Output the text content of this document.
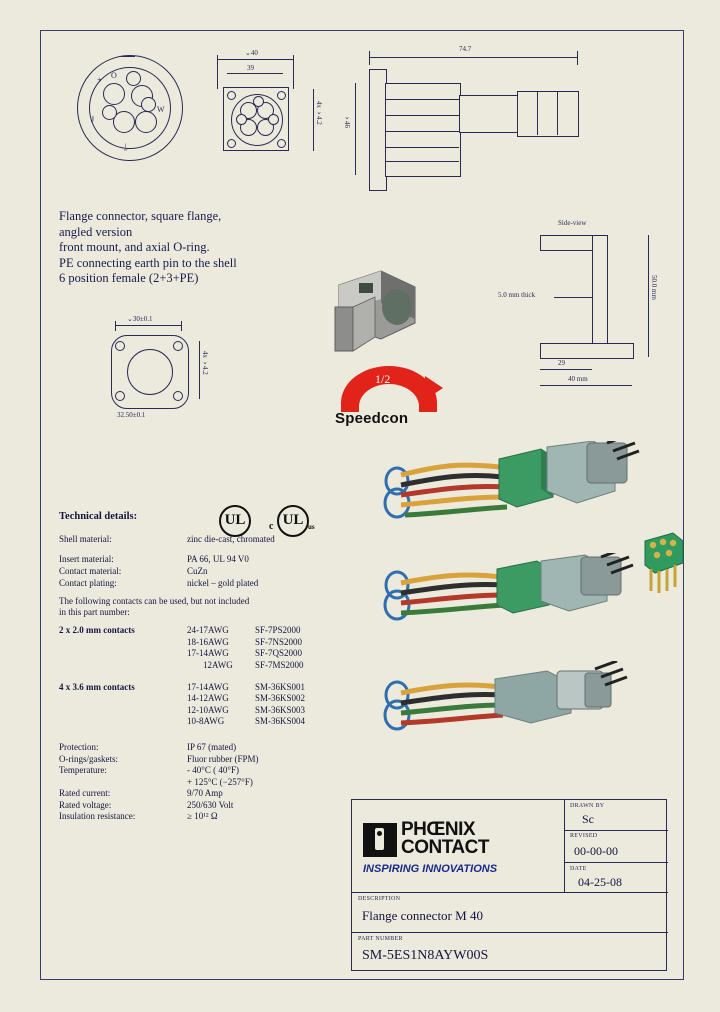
+ O
J
W
⏚
⌄40
39
4x⌄4.2
74.7
⌄46
Flange connector, square flange,
angled version
front mount, and axial O-ring.
PE connecting earth pin to the shell
6 position female (2+3+PE)
⌄30±0.1
4x⌄4.2
32.50±0.1
1/2
Speedcon
Side-view
5.0 mm thick	50.0 mm
29
40 mm
UL	c UL us
Technical details:
Shell material:	zinc die-cast, chromated
Insert material:	PA 66, UL 94 V0
Contact material:	CuZn
Contact plating:	nickel – gold plated
The following contacts can be used, but not included
in this part number:
2 x 2.0 mm contacts	24-17AWG	SF-7PS2000
18-16AWG	SF-7NS2000
17-14AWG	SF-7QS2000
12AWG SF-7MS2000
4 x 3.6 mm contacts	17-14AWG	SM-36KS001
14-12AWG	SM-36KS002
12-10AWG	SM-36KS003
10-8AWG	SM-36KS004
Protection:	IP 67 (mated)
O-rings/gaskets:	Fluor rubber (FPM)
Temperature:	- 40°C ( 40°F)
+ 125°C (−257°F)
Rated current:	9/70 Amp
Rated voltage:	250/630 Volt
Insulation resistance:	≥ 10¹² Ω
DRAWN BY
Sc
REVISED
00-00-00
DATE
04-25-08
DESCRIPTION
Flange connector M 40
PART NUMBER
SM-5ES1N8AYW00S
PHŒNIX
CONTACT
INSPIRING INNOVATIONS
